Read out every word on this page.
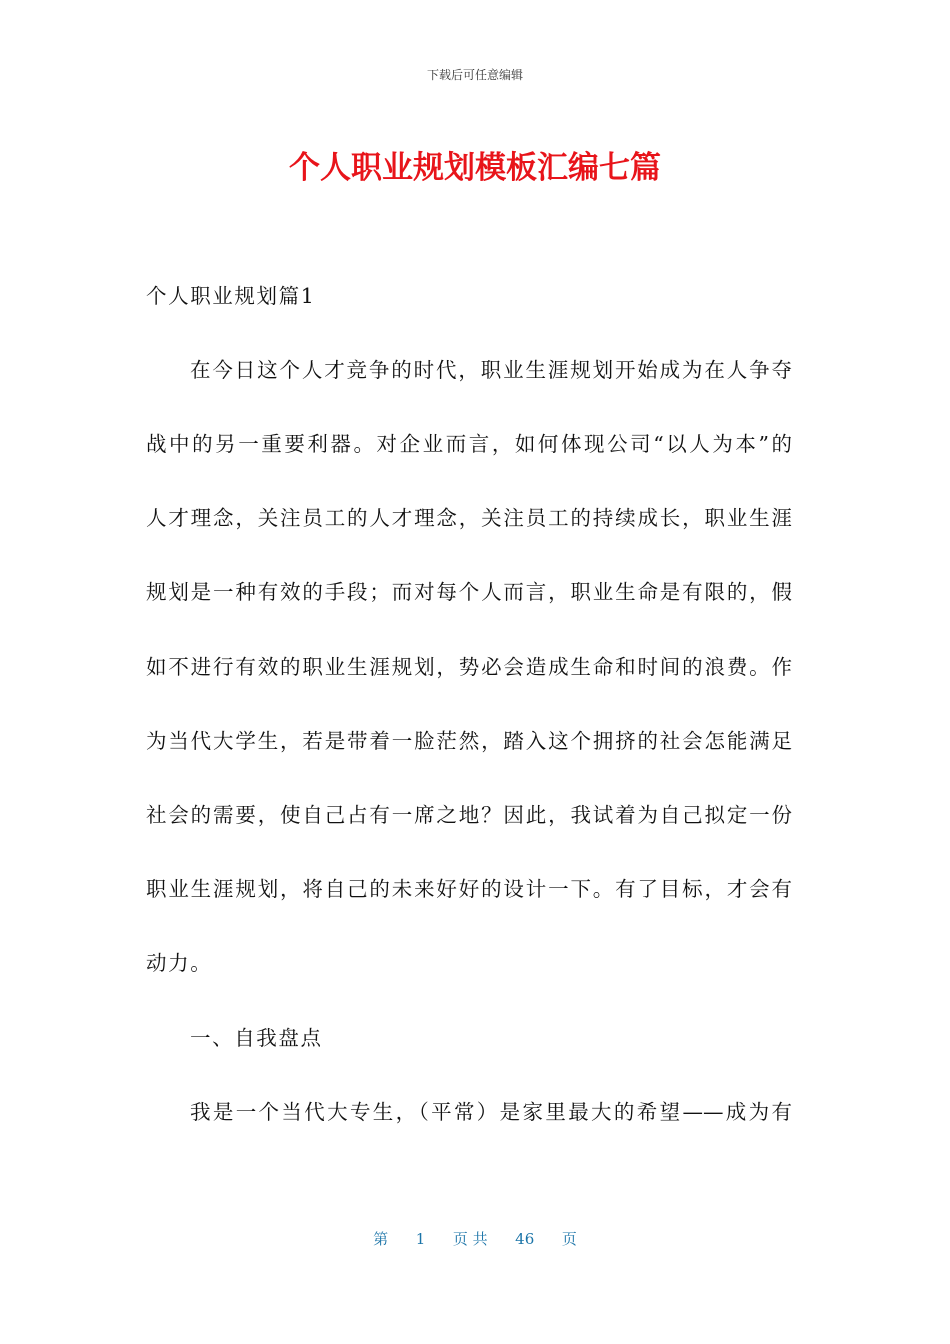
下载后可任意编辑
个人职业规划模板汇编七篇
个人职业规划篇1
在今日这个人才竞争的时代，职业生涯规划开始成为在人争夺
战中的另一重要利器。对企业而言，如何体现公司“以人为本”的
人才理念，关注员工的人才理念，关注员工的持续成长，职业生涯
规划是一种有效的手段；而对每个人而言，职业生命是有限的，假
如不进行有效的职业生涯规划，势必会造成生命和时间的浪费。作
为当代大学生，若是带着一脸茫然，踏入这个拥挤的社会怎能满足
社会的需要，使自己占有一席之地？因此，我试着为自己拟定一份
职业生涯规划，将自己的未来好好的设计一下。有了目标，才会有
动力。
一、自我盘点
我是一个当代大专生，（平常）是家里最大的希望——成为有
第 1 页 共 46 页
